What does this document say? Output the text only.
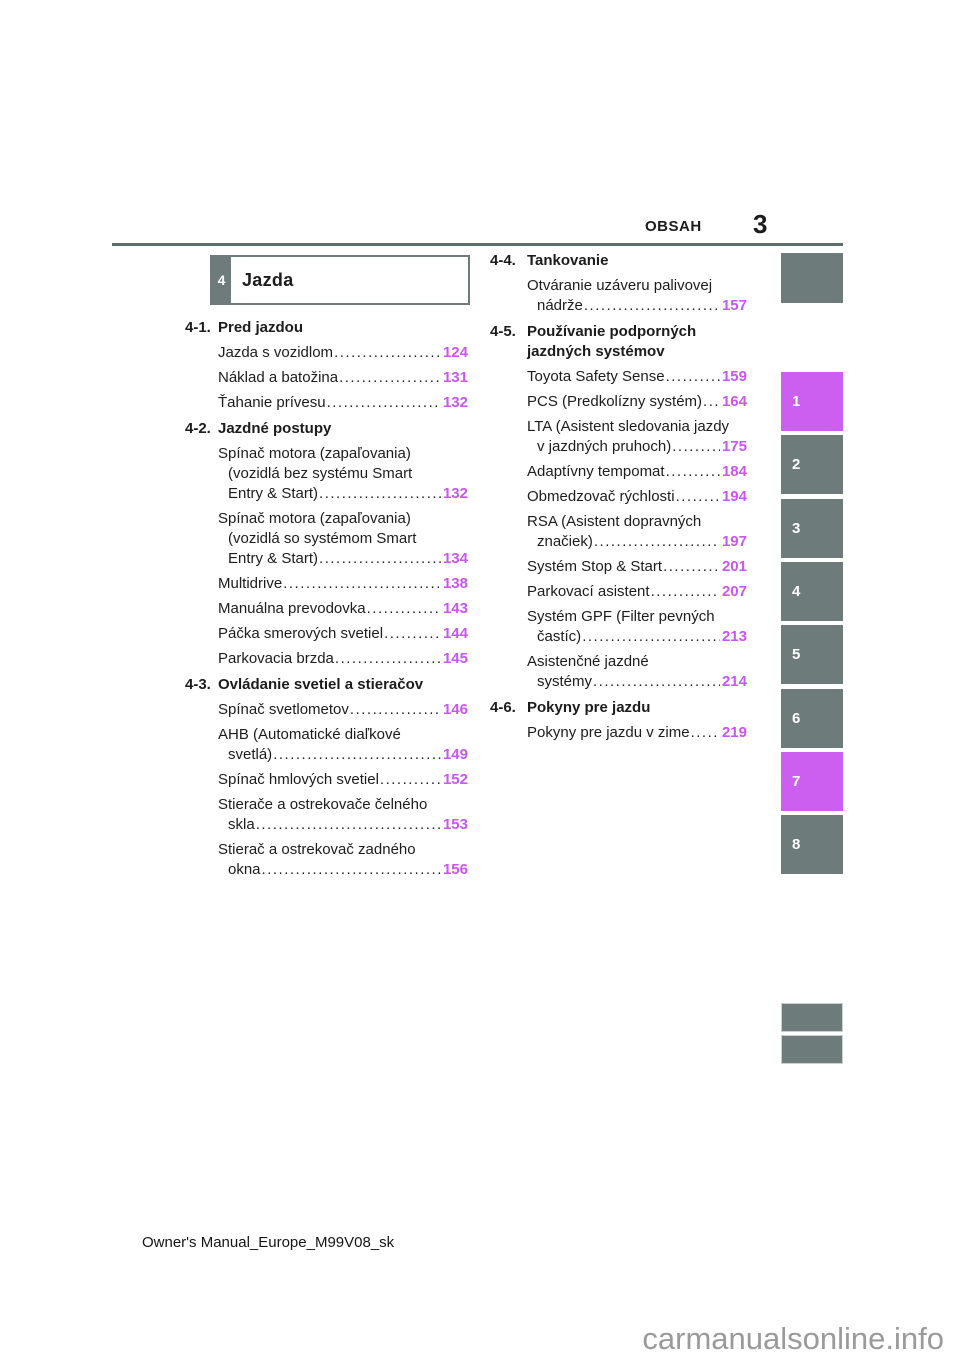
OBSAH 3
4 Jazda
4-1. Pred jazdou
Jazda s vozidlom .....	124
Náklad a batožina .....	131
Ťahanie prívesu .....	132
4-2. Jazdné postupy
Spínač motora (zapaľovania)
(vozidlá bez systému Smart
Entry & Start) .....	132
Spínač motora (zapaľovania)
(vozidlá so systémom Smart
Entry & Start) .....	134
Multidrive .....	138
Manuálna prevodovka .....	143
Páčka smerových svetiel .....	144
Parkovacia brzda .....	145
4-3. Ovládanie svetiel a stieračov
Spínač svetlometov .....	146
AHB (Automatické diaľkové
svetlá) .....	149
Spínač hmlových svetiel .....	152
Stierače a ostrekovače čelného
skla .....	153
Stierač a ostrekovač zadného
okna .....	156
4-4. Tankovanie
Otváranie uzáveru palivovej
nádrže .....	157
4-5. Používanie podporných
jazdných systémov
Toyota Safety Sense .....	159
PCS (Predkolízny systém) ..... 164
LTA (Asistent sledovania jazdy
v jazdných pruhoch) .....	175
Adaptívny tempomat .....	184
Obmedzovač rýchlosti .....	194
RSA (Asistent dopravných
značiek) .....	197
Systém Stop & Start .....	201
Parkovací asistent .....	207
Systém GPF (Filter pevných
častíc) .....	213
Asistenčné jazdné
systémy .....	214
4-6. Pokyny pre jazdu
Pokyny pre jazdu v zime ..... 219
1
2
3
4
5
6
7
8
Owner's Manual_Europe_M99V08_sk
carmanualsonline.info
